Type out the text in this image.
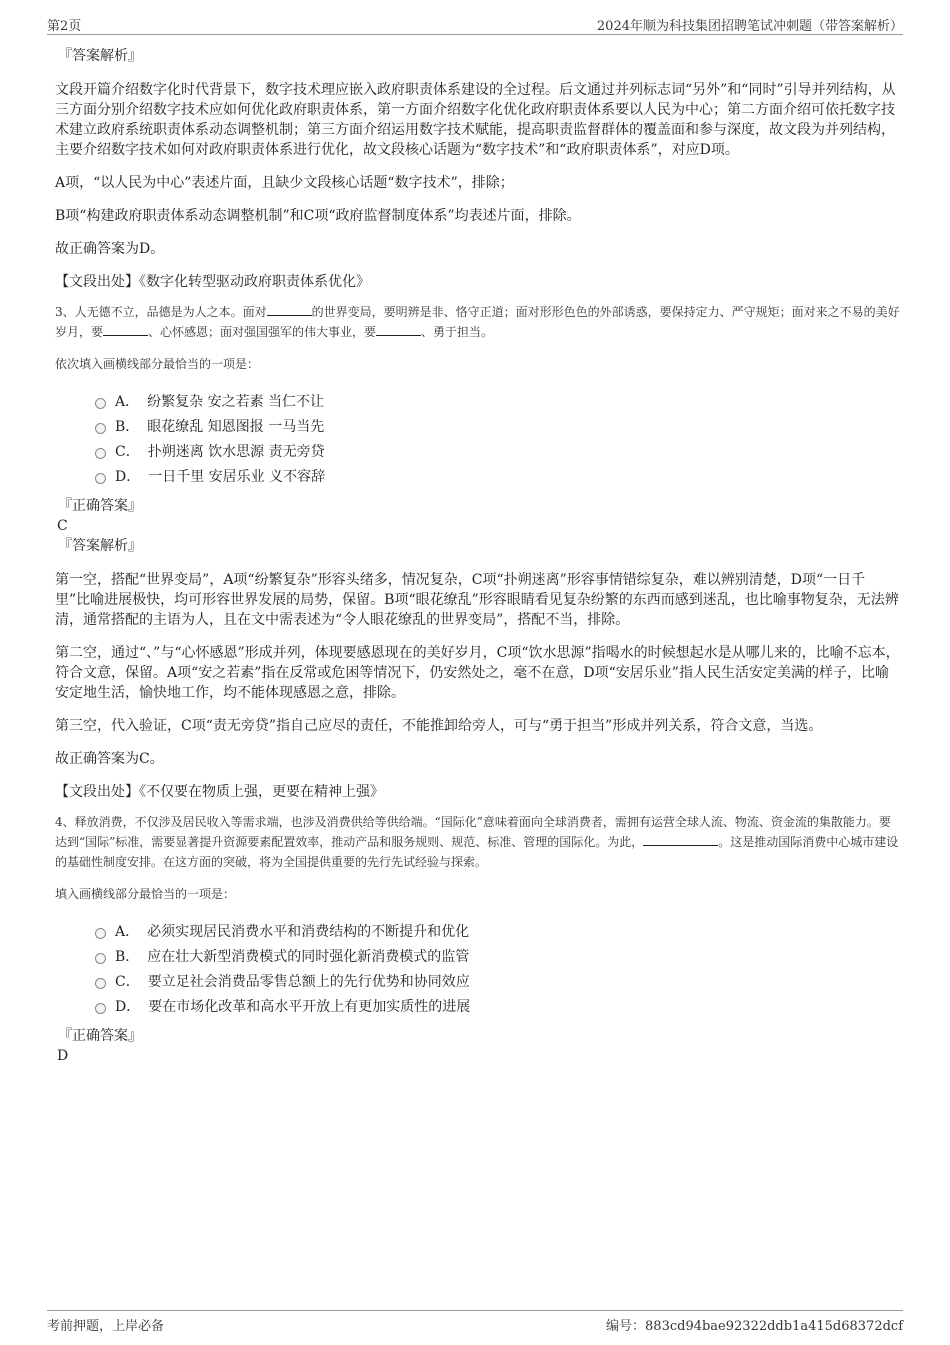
第2页	2024年顺为科技集团招聘笔试冲刺题（带答案解析）

『答案解析』

文段开篇介绍数字化时代背景下，数字技术理应嵌入政府职责体系建设的全过程。后文通过并列标志词“另外”和“同时”引导并列结构，从三方面分别介绍数字技术应如何优化政府职责体系，第一方面介绍数字化优化政府职责体系要以人民为中心；第二方面介绍可依托数字技术建立政府系统职责体系动态调整机制；第三方面介绍运用数字技术赋能，提高职责监督群体的覆盖面和参与深度，故文段为并列结构，主要介绍数字技术如何对政府职责体系进行优化，故文段核心话题为“数字技术”和“政府职责体系”，对应D项。

A项，“以人民为中心”表述片面，且缺少文段核心话题“数字技术”，排除；

B项“构建政府职责体系动态调整机制”和C项“政府监督制度体系”均表述片面，排除。

故正确答案为D。

【文段出处】《数字化转型驱动政府职责体系优化》

3、人无德不立，品德是为人之本。面对	的世界变局，要明辨是非、恪守正道；面对形形色色的外部诱惑，要保持定力、严守规矩；面对来之不易的美好岁月，要	、心怀感恩；面对强国强军的伟大事业，要	、勇于担当。

依次填入画横线部分最恰当的一项是：

A． 纷繁复杂 安之若素 当仁不让
B． 眼花缭乱 知恩图报 一马当先
C． 扑朔迷离 饮水思源 责无旁贷
D． 一日千里 安居乐业 义不容辞

『正确答案』

C

『答案解析』

第一空，搭配“世界变局”，A项“纷繁复杂”形容头绪多，情况复杂，C项“扑朔迷离”形容事情错综复杂，难以辨别清楚，D项“一日千里”比喻进展极快，均可形容世界发展的局势，保留。B项“眼花缭乱”形容眼睛看见复杂纷繁的东西而感到迷乱，也比喻事物复杂，无法辨清，通常搭配的主语为人，且在文中需表述为“令人眼花缭乱的世界变局”，搭配不当，排除。

第二空，通过“、”与“心怀感恩”形成并列，体现要感恩现在的美好岁月，C项“饮水思源”指喝水的时候想起水是从哪儿来的，比喻不忘本，符合文意，保留。A项“安之若素”指在反常或危困等情况下，仍安然处之，毫不在意，D项“安居乐业”指人民生活安定美满的样子，比喻安定地生活，愉快地工作，均不能体现感恩之意，排除。

第三空，代入验证，C项“责无旁贷”指自己应尽的责任，不能推卸给旁人，可与“勇于担当”形成并列关系，符合文意，当选。

故正确答案为C。

【文段出处】《不仅要在物质上强，更要在精神上强》

4、释放消费，不仅涉及居民收入等需求端，也涉及消费供给等供给端。“国际化”意味着面向全球消费者，需拥有运营全球人流、物流、资金流的集散能力。要达到“国际”标准，需要显著提升资源要素配置效率，推动产品和服务规则、规范、标准、管理的国际化。为此，	。这是推动国际消费中心城市建设的基础性制度安排。在这方面的突破，将为全国提供重要的先行先试经验与探索。

填入画横线部分最恰当的一项是：

A． 必须实现居民消费水平和消费结构的不断提升和优化
B． 应在壮大新型消费模式的同时强化新消费模式的监管
C． 要立足社会消费品零售总额上的先行优势和协同效应
D． 要在市场化改革和高水平开放上有更加实质性的进展

『正确答案』

D

考前押题，上岸必备	编号：883cd94bae92322ddb1a415d68372dcf
